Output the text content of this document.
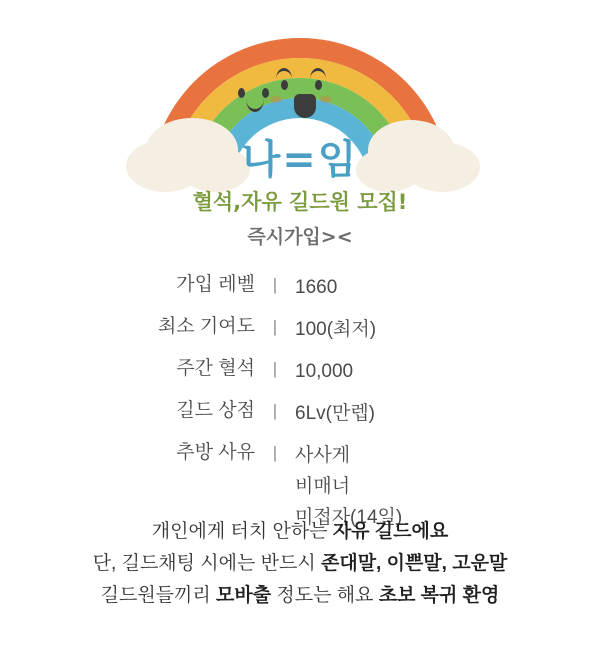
나=임
혈석,자유 길드원 모집!
즉시가입><
가입 레벨	| 1660
최소 기여도	| 100(최저)
주간 혈석	| 10,000
길드 상점	| 6Lv(만렙)
추방 사유	| 사사게
비매너
미접자(14일)
개인에게 터치 안하는 자유 길드에요
단, 길드채팅 시에는 반드시 존대말, 이쁜말, 고운말
길드원들끼리 모바출 정도는 해요 초보 복귀 환영
